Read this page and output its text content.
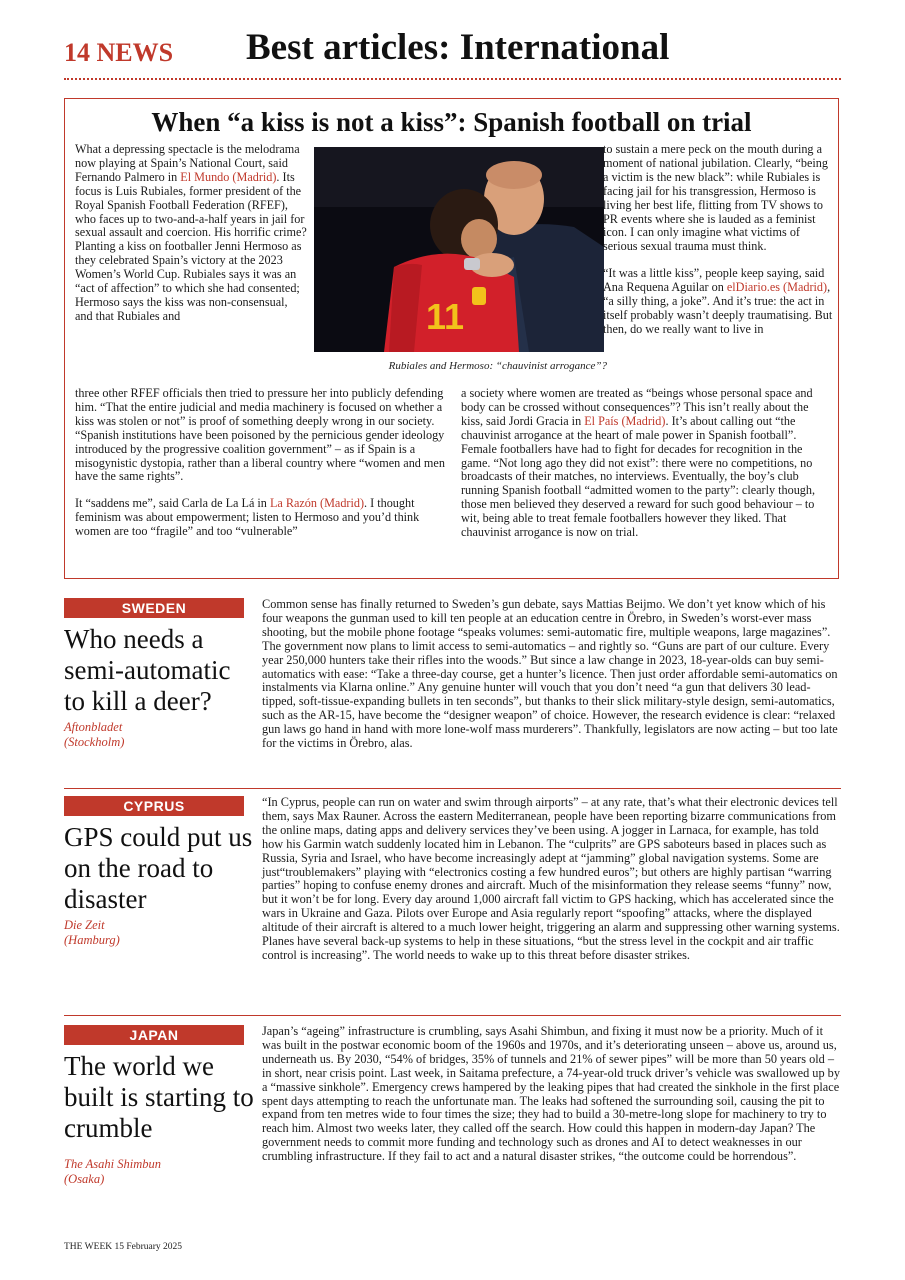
14 NEWS Best articles: International
When “a kiss is not a kiss”: Spanish football on trial
11
Rubiales and Hermoso: “chauvinist arrogance”?

What a depressing spectacle is the melodrama now playing at Spain’s National Court, said Fernando Palmero in El Mundo (Madrid). Its focus is Luis Rubiales, former president of the Royal Spanish Football Federation (RFEF), who faces up to two-and-a-half years in jail for sexual assault and coercion. His horrific crime? Planting a kiss on footballer Jenni Hermoso as they celebrated Spain’s victory at the 2023 Women’s World Cup. Rubiales says it was an “act of affection” to which she had consented; Hermoso says the kiss was non-consensual, and that Rubiales and

three other RFEF officials then tried to pressure her into publicly defending him. “That the entire judicial and media machinery is focused on whether a kiss was stolen or not” is proof of something deeply wrong in our society. “Spanish institutions have been poisoned by the pernicious gender ideology introduced by the progressive coalition government” – as if Spain is a misogynistic dystopia, rather than a liberal country where “women and men have the same rights”.

It “saddens me”, said Carla de La Lá in La Razón (Madrid). I thought feminism was about empowerment; listen to Hermoso and you’d think women are too “fragile” and too “vulnerable”

to sustain a mere peck on the mouth during a moment of national jubilation. Clearly, “being a victim is the new black”: while Rubiales is facing jail for his transgression, Hermoso is living her best life, flitting from TV shows to PR events where she is lauded as a feminist icon. I can only imagine what victims of serious sexual trauma must think.

“It was a little kiss”, people keep saying, said Ana Requena Aguilar on elDiario.es (Madrid), “a silly thing, a joke”. And it’s true: the act in itself probably wasn’t deeply traumatising. But then, do we really want to live in

a society where women are treated as “beings whose personal space and body can be crossed without consequences”? This isn’t really about the kiss, said Jordi Gracia in El País (Madrid). It’s about calling out “the chauvinist arrogance at the heart of male power in Spanish football”. Female footballers have had to fight for decades for recognition in the game. “Not long ago they did not exist”: there were no competitions, no broadcasts of their matches, no interviews. Eventually, the boy’s club running Spanish football “admitted women to the party”: clearly though, those men believed they deserved a reward for such good behaviour – to wit, being able to treat female footballers however they liked. That chauvinist arrogance is now on trial.

SWEDEN
Who needs a semi-automatic to kill a deer?
Aftonbladet
(Stockholm)

Common sense has finally returned to Sweden’s gun debate, says Mattias Beijmo. We don’t yet know which of his four weapons the gunman used to kill ten people at an education centre in Örebro, in Sweden’s worst-ever mass shooting, but the mobile phone footage “speaks volumes: semi-automatic fire, multiple weapons, large magazines”. The government now plans to limit access to semi-automatics – and rightly so. “Guns are part of our culture. Every year 250,000 hunters take their rifles into the woods.” But since a law change in 2023, 18-year-olds can buy semi-automatics with ease: “Take a three-day course, get a hunter’s licence. Then just order affordable semi-automatics on instalments via Klarna online.” Any genuine hunter will vouch that you don’t need “a gun that delivers 30 lead-tipped, soft-tissue-expanding bullets in ten seconds”, but thanks to their slick military-style design, semi-automatics, such as the AR-15, have become the “designer weapon” of choice. However, the research evidence is clear: “relaxed gun laws go hand in hand with more lone-wolf mass murderers”. Thankfully, legislators are now acting – but too late for the victims in Örebro, alas.

CYPRUS
GPS could put us on the road to disaster
Die Zeit
(Hamburg)

“In Cyprus, people can run on water and swim through airports” – at any rate, that’s what their electronic devices tell them, says Max Rauner. Across the eastern Mediterranean, people have been reporting bizarre communications from the online maps, dating apps and delivery services they’ve been using. A jogger in Larnaca, for example, has told how his Garmin watch suddenly located him in Lebanon. The “culprits” are GPS saboteurs based in places such as Russia, Syria and Israel, who have become increasingly adept at “jamming” global navigation systems. Some are just“troublemakers” playing with “electronics costing a few hundred euros”; but others are highly partisan “warring parties” hoping to confuse enemy drones and aircraft. Much of the misinformation they release seems “funny” now, but it won’t be for long. Every day around 1,000 aircraft fall victim to GPS hacking, which has accelerated since the wars in Ukraine and Gaza. Pilots over Europe and Asia regularly report “spoofing” attacks, where the displayed altitude of their aircraft is altered to a much lower height, triggering an alarm and suppressing other warning systems. Planes have several back-up systems to help in these situations, “but the stress level in the cockpit and air traffic control is increasing”. The world needs to wake up to this threat before disaster strikes.

JAPAN
The world we built is starting to crumble
The Asahi Shimbun
(Osaka)

Japan’s “ageing” infrastructure is crumbling, says Asahi Shimbun, and fixing it must now be a priority. Much of it was built in the postwar economic boom of the 1960s and 1970s, and it’s deteriorating unseen – above us, around us, underneath us. By 2030, “54% of bridges, 35% of tunnels and 21% of sewer pipes” will be more than 50 years old – in short, near crisis point. Last week, in Saitama prefecture, a 74-year-old truck driver’s vehicle was swallowed up by a “massive sinkhole”. Emergency crews hampered by the leaking pipes that had created the sinkhole in the first place spent days attempting to reach the unfortunate man. The leaks had softened the surrounding soil, causing the pit to expand from ten metres wide to four times the size; they had to build a 30-metre-long slope for machinery to try to reach him. Almost two weeks later, they called off the search. How could this happen in modern-day Japan? The government needs to commit more funding and technology such as drones and AI to detect weaknesses in our crumbling infrastructure. If they fail to act and a natural disaster strikes, “the outcome could be horrendous”.

THE WEEK 15 February 2025
